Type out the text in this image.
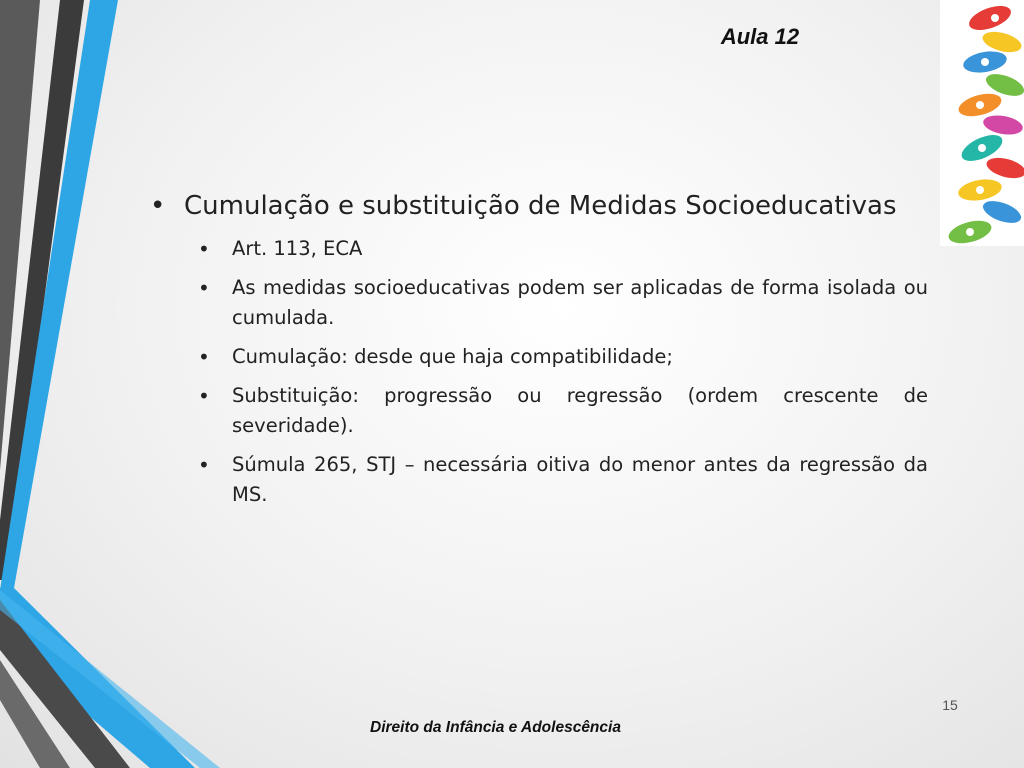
Aula 12
• Cumulação e substituição de Medidas Socioeducativas
•	Art. 113, ECA
•	As medidas socioeducativas podem ser aplicadas de forma isolada ou cumulada.
•	Cumulação: desde que haja compatibilidade;
•	Substituição: progressão ou regressão (ordem crescente de severidade).
•	Súmula 265, STJ – necessária oitiva do menor antes da regressão da MS.
15
Direito da Infância e Adolescência
